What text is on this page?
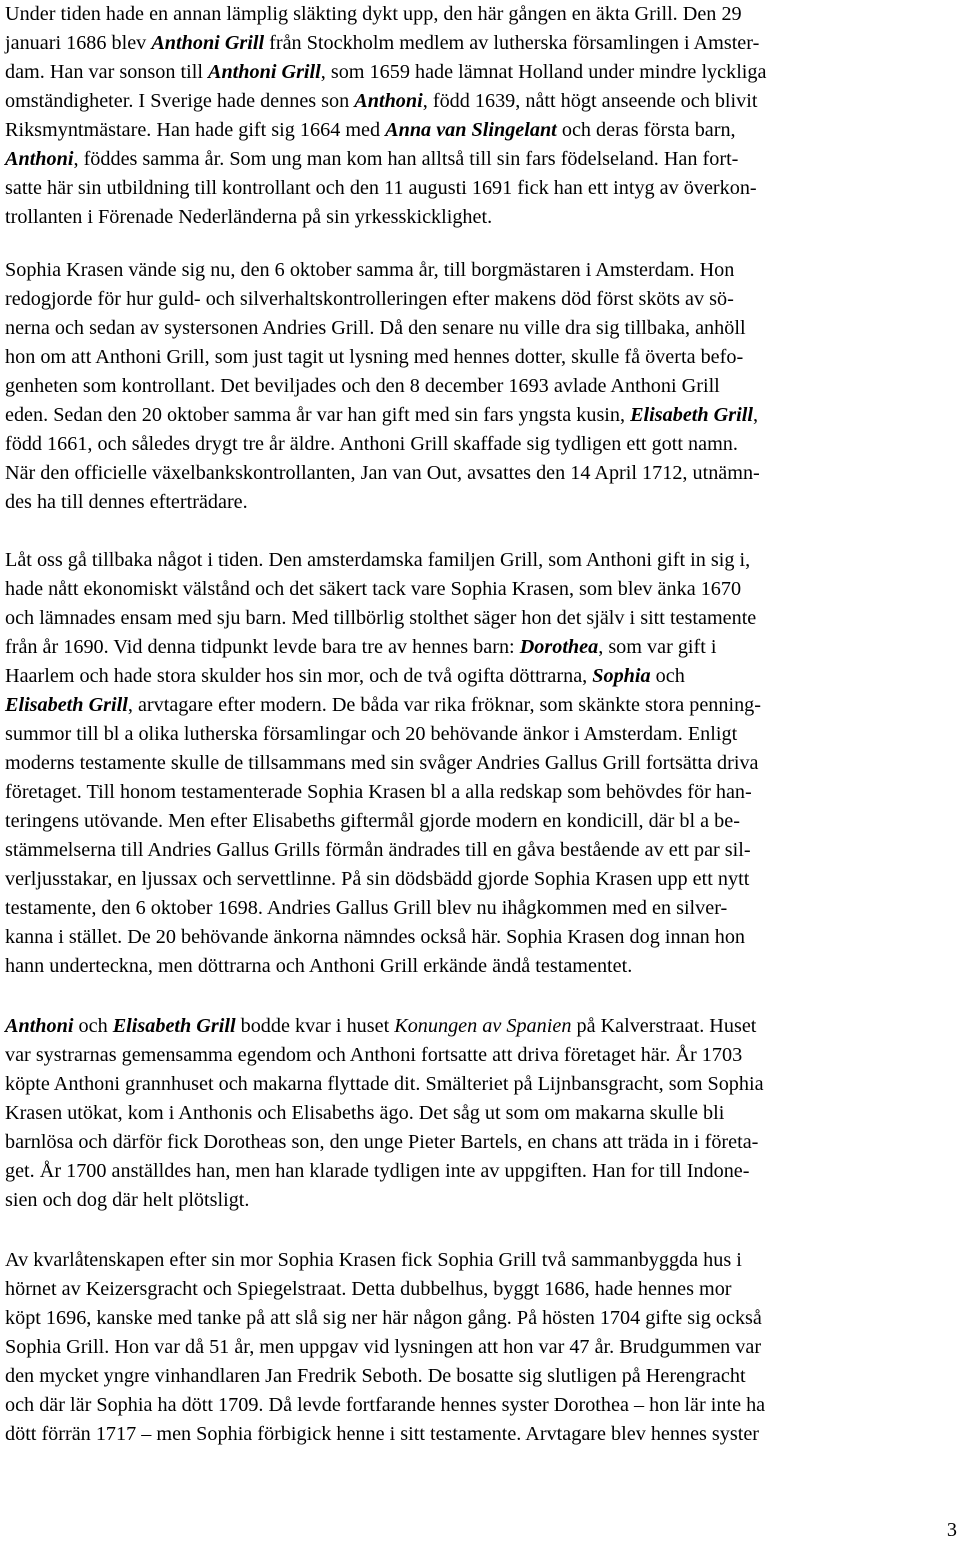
Under tiden hade en annan lämplig släkting dykt upp, den här gången en äkta Grill. Den 29
januari 1686 blev Anthoni Grill från Stockholm medlem av lutherska församlingen i Amster-
dam. Han var sonson till Anthoni Grill, som 1659 hade lämnat Holland under mindre lyckliga
omständigheter. I Sverige hade dennes son Anthoni, född 1639, nått högt anseende och blivit
Riksmyntmästare. Han hade gift sig 1664 med Anna van Slingelant och deras första barn,
Anthoni, föddes samma år. Som ung man kom han alltså till sin fars födelseland. Han fort-
satte här sin utbildning till kontrollant och den 11 augusti 1691 fick han ett intyg av överkon-
trollanten i Förenade Nederländerna på sin yrkesskicklighet.
Sophia Krasen vände sig nu, den 6 oktober samma år, till borgmästaren i Amsterdam. Hon
redogjorde för hur guld- och silverhaltskontrolleringen efter makens död först sköts av sö-
nerna och sedan av systersonen Andries Grill. Då den senare nu ville dra sig tillbaka, anhöll
hon om att Anthoni Grill, som just tagit ut lysning med hennes dotter, skulle få överta befo-
genheten som kontrollant. Det beviljades och den 8 december 1693 avlade Anthoni Grill
eden. Sedan den 20 oktober samma år var han gift med sin fars yngsta kusin, Elisabeth Grill,
född 1661, och således drygt tre år äldre. Anthoni Grill skaffade sig tydligen ett gott namn.
När den officielle växelbankskontrollanten, Jan van Out, avsattes den 14 April 1712, utnämn-
des ha till dennes efterträdare.
Låt oss gå tillbaka något i tiden. Den amsterdamska familjen Grill, som Anthoni gift in sig i,
hade nått ekonomiskt välstånd och det säkert tack vare Sophia Krasen, som blev änka 1670
och lämnades ensam med sju barn. Med tillbörlig stolthet säger hon det själv i sitt testamente
från år 1690. Vid denna tidpunkt levde bara tre av hennes barn: Dorothea, som var gift i
Haarlem och hade stora skulder hos sin mor, och de två ogifta döttrarna, Sophia och
Elisabeth Grill, arvtagare efter modern. De båda var rika fröknar, som skänkte stora penning-
summor till bl a olika lutherska församlingar och 20 behövande änkor i Amsterdam. Enligt
moderns testamente skulle de tillsammans med sin svåger Andries Gallus Grill fortsätta driva
företaget. Till honom testamenterade Sophia Krasen bl a alla redskap som behövdes för han-
teringens utövande. Men efter Elisabeths giftermål gjorde modern en kondicill, där bl a be-
stämmelserna till Andries Gallus Grills förmån ändrades till en gåva bestående av ett par sil-
verljusstakar, en ljussax och servettlinne. På sin dödsbädd gjorde Sophia Krasen upp ett nytt
testamente, den 6 oktober 1698. Andries Gallus Grill blev nu ihågkommen med en silver-
kanna i stället. De 20 behövande änkorna nämndes också här. Sophia Krasen dog innan hon
hann underteckna, men döttrarna och Anthoni Grill erkände ändå testamentet.
Anthoni och Elisabeth Grill bodde kvar i huset Konungen av Spanien på Kalverstraat. Huset
var systrarnas gemensamma egendom och Anthoni fortsatte att driva företaget här. År 1703
köpte Anthoni grannhuset och makarna flyttade dit. Smälteriet på Lijnbansgracht, som Sophia
Krasen utökat, kom i Anthonis och Elisabeths ägo. Det såg ut som om makarna skulle bli
barnlösa och därför fick Dorotheas son, den unge Pieter Bartels, en chans att träda in i företa-
get. År 1700 anställdes han, men han klarade tydligen inte av uppgiften. Han for till Indone-
sien och dog där helt plötsligt.
Av kvarlåtenskapen efter sin mor Sophia Krasen fick Sophia Grill två sammanbyggda hus i
hörnet av Keizersgracht och Spiegelstraat. Detta dubbelhus, byggt 1686, hade hennes mor
köpt 1696, kanske med tanke på att slå sig ner här någon gång. På hösten 1704 gifte sig också
Sophia Grill. Hon var då 51 år, men uppgav vid lysningen att hon var 47 år. Brudgummen var
den mycket yngre vinhandlaren Jan Fredrik Seboth. De bosatte sig slutligen på Herengracht
och där lär Sophia ha dött 1709. Då levde fortfarande hennes syster Dorothea – hon lär inte ha
dött förrän 1717 – men Sophia förbigick henne i sitt testamente. Arvtagare blev hennes syster
3
